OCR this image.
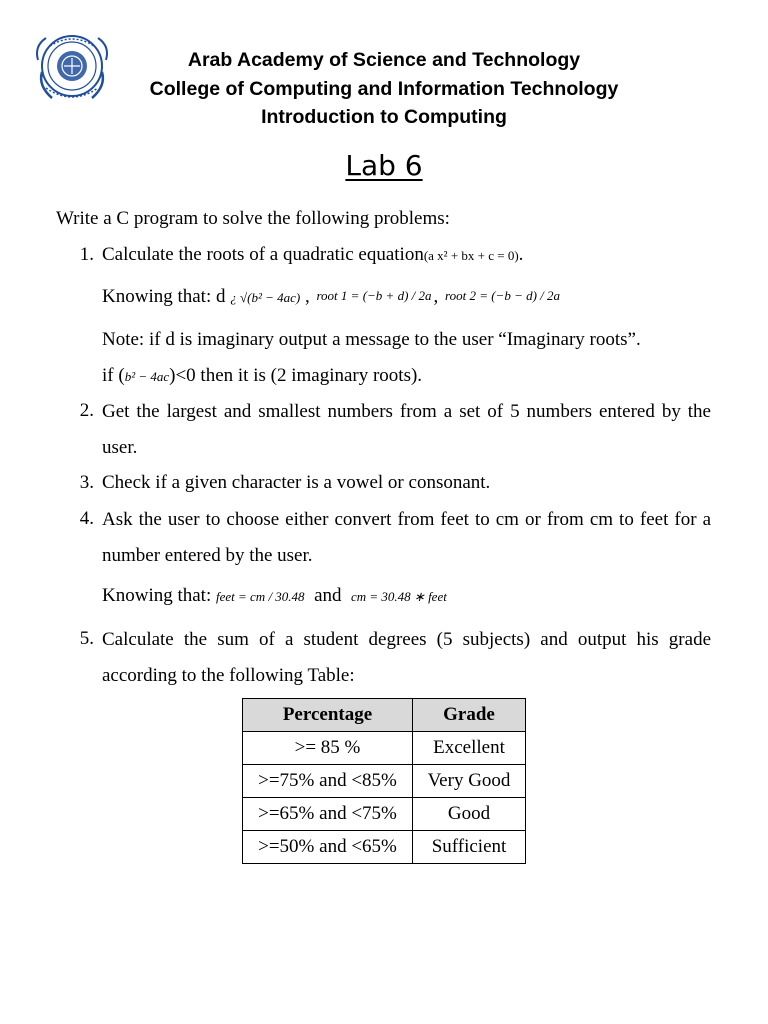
Arab Academy of Science and Technology
College of Computing and Information Technology
Introduction to Computing
Lab 6
Write a C program to solve the following problems:
1. Calculate the roots of a quadratic equation(a x² + bx + c = 0).
Knowing that: d ¿ √(b² − 4ac) , root 1 = (−b + d) / 2a , root 2 = (−b − d) / 2a
Note: if d is imaginary output a message to the user “Imaginary roots”.
if (b² − 4ac)<0 then it is (2 imaginary roots).
2. Get the largest and smallest numbers from a set of 5 numbers entered by the user.
3. Check if a given character is a vowel or consonant.
4. Ask the user to choose either convert from feet to cm or from cm to feet for a number entered by the user.
Knowing that: feet = cm / 30.48 and cm = 30.48 ∗ feet
5. Calculate the sum of a student degrees (5 subjects) and output his grade according to the following Table:
Percentage	Grade
>= 85 %	Excellent
>=75% and <85%	Very Good
>=65% and <75%	Good
>=50% and <65%	Sufficient
